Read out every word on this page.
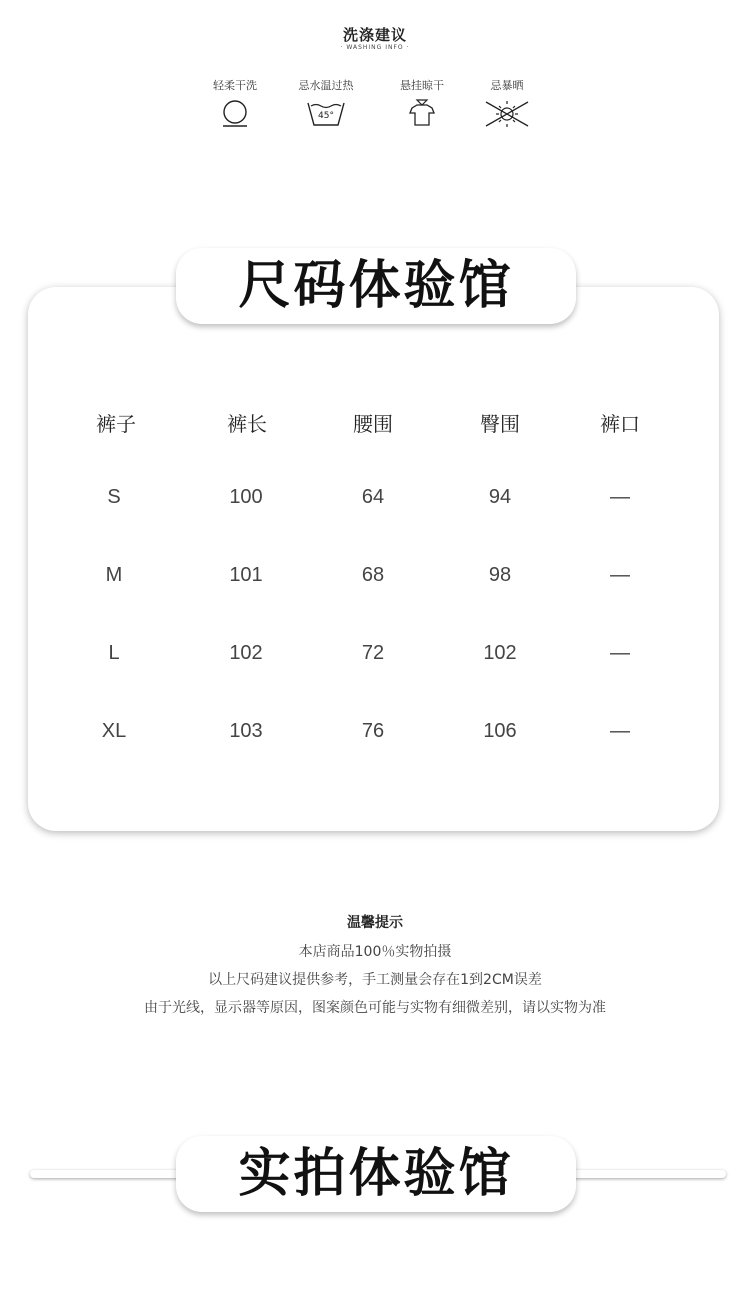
洗涤建议
· WASHING INFO ·
轻柔干洗	忌水温过热
45°
悬挂晾干	忌暴晒
尺码体验馆
裤子	裤长	腰围	臀围	裤口
S	100	64	94	—
M	101	68	98	—
L	102	72	102	—
XL	103	76	106	—
温馨提示
本店商品100％实物拍摄
以上尺码建议提供参考，手工测量会存在1到2CM误差
由于光线，显示器等原因，图案颜色可能与实物有细微差别，请以实物为准
实拍体验馆
